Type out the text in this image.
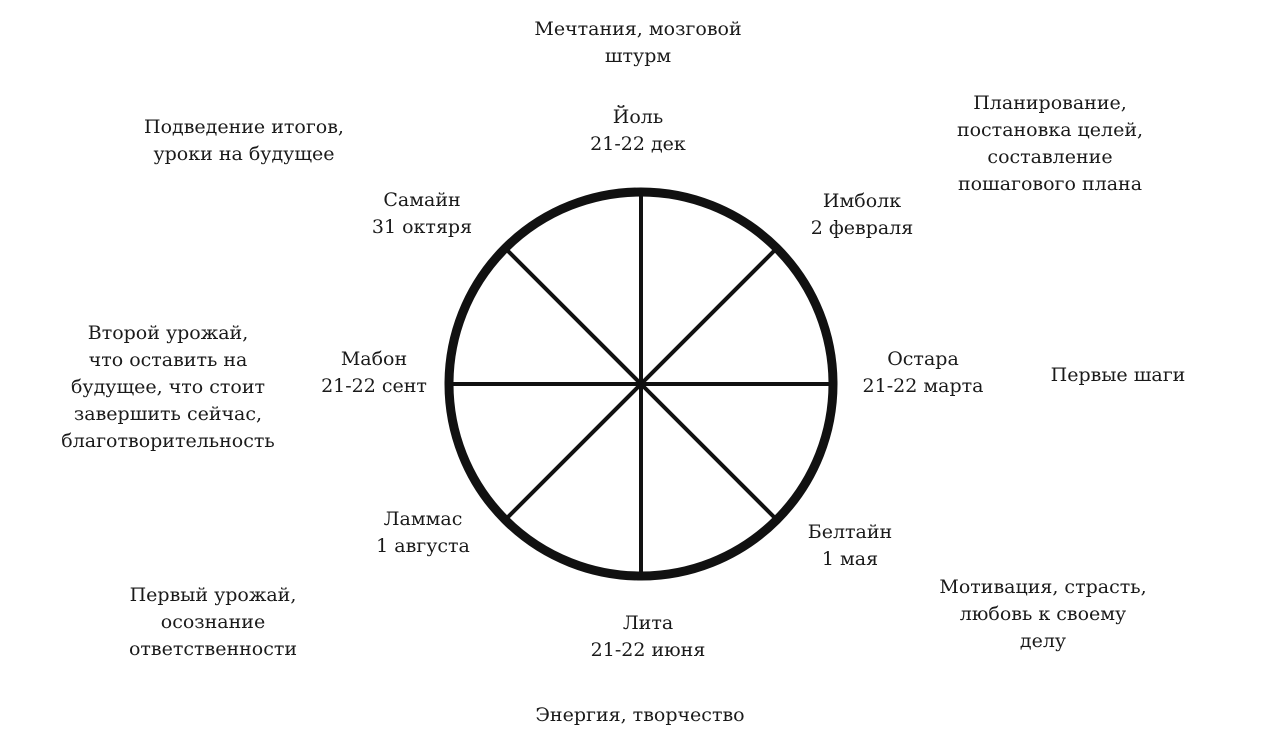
Йоль
21-22 дек
Имболк
2 февраля
Остара
21-22 марта
Белтайн
1 мая
Лита
21-22 июня
Ламмас
1 августа
Мабон
21-22 сент
Самайн
31 октяря
Мечтания, мозговой
штурм
Планирование,
постановка целей,
составление
пошагового плана
Первые шаги
Мотивация, страсть,
любовь к своему
делу
Энергия, творчество
Первый урожай,
осознание
ответственности
Второй урожай,
что оставить на
будущее, что стоит
завершить сейчас,
благотворительность
Подведение итогов,
уроки на будущее
